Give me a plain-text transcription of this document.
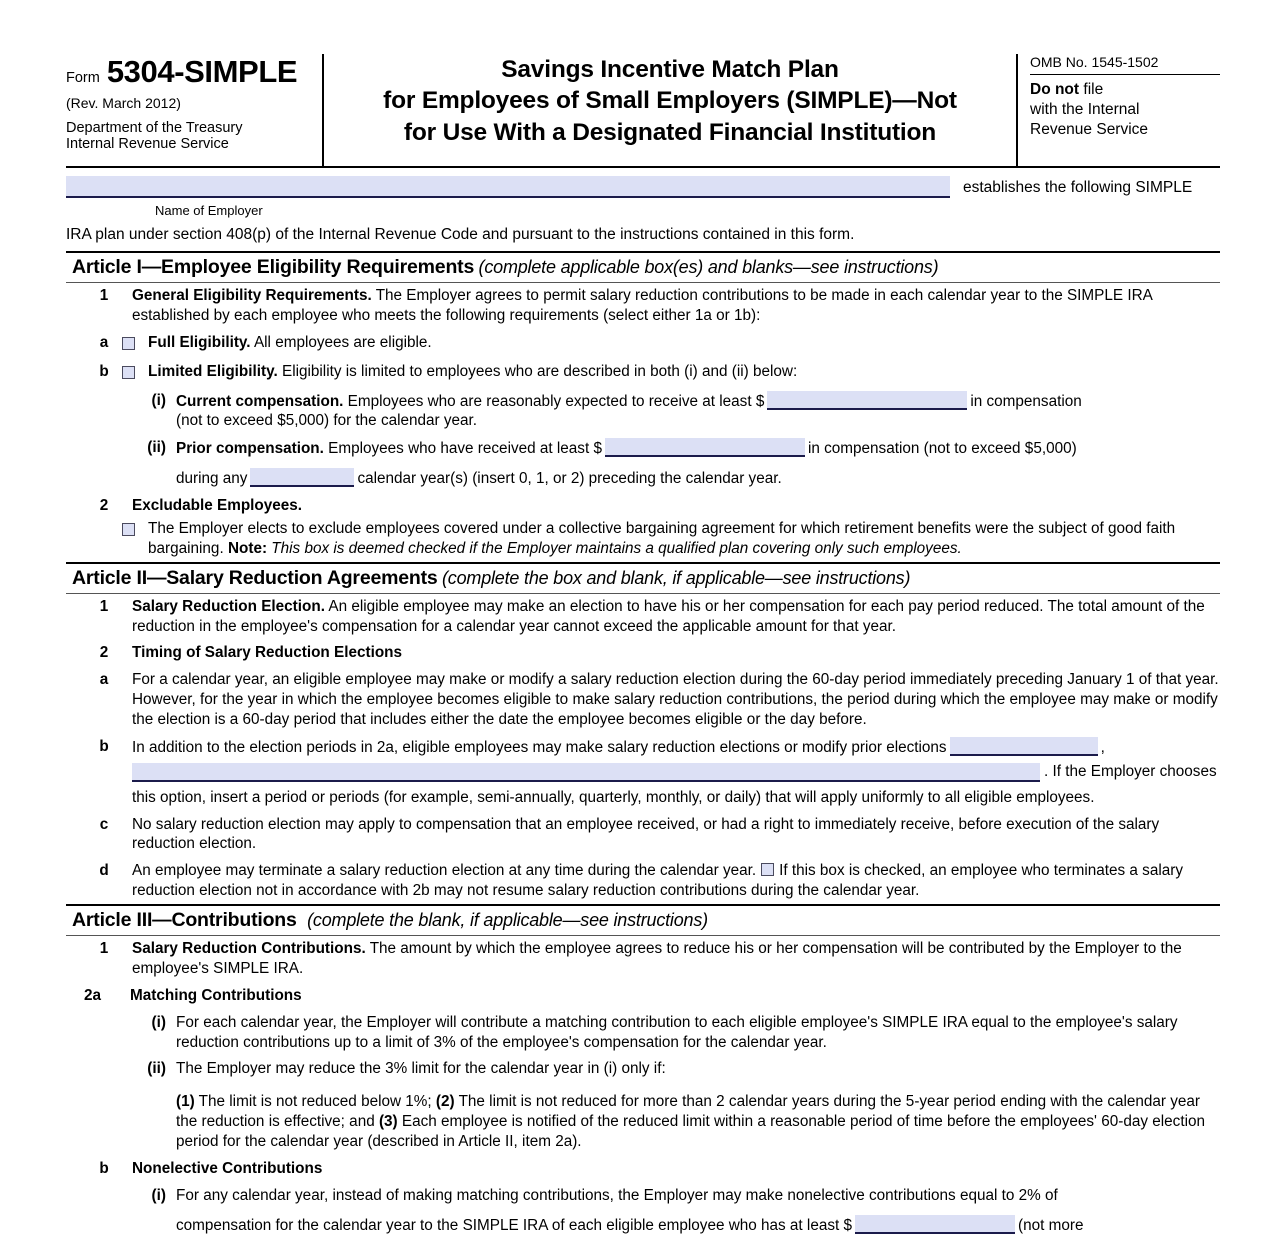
Form 5304-SIMPLE
(Rev. March 2012)
Department of the Treasury
Internal Revenue Service
Savings Incentive Match Plan
for Employees of Small Employers (SIMPLE)—Not
for Use With a Designated Financial Institution
OMB No. 1545-1502
Do not file
with the Internal
Revenue Service
establishes the following SIMPLE
Name of Employer
IRA plan under section 408(p) of the Internal Revenue Code and pursuant to the instructions contained in this form.
Article I—Employee Eligibility Requirements (complete applicable box(es) and blanks—see instructions)
1	General Eligibility Requirements. The Employer agrees to permit salary reduction contributions to be made in each calendar year to the SIMPLE IRA established by each employee who meets the following requirements (select either 1a or 1b):
a	Full Eligibility. All employees are eligible.
b	Limited Eligibility. Eligibility is limited to employees who are described in both (i) and (ii) below:
(i) Current compensation. Employees who are reasonably expected to receive at least $	in compensation
(not to exceed $5,000) for the calendar year.
(ii) Prior compensation. Employees who have received at least $	in compensation (not to exceed $5,000)
during any	calendar year(s) (insert 0, 1, or 2) preceding the calendar year.
2	Excludable Employees.
The Employer elects to exclude employees covered under a collective bargaining agreement for which retirement benefits were the subject of good faith bargaining. Note: This box is deemed checked if the Employer maintains a qualified plan covering only such employees.
Article II—Salary Reduction Agreements (complete the box and blank, if applicable—see instructions)
1	Salary Reduction Election. An eligible employee may make an election to have his or her compensation for each pay period reduced. The total amount of the reduction in the employee's compensation for a calendar year cannot exceed the applicable amount for that year.
2	Timing of Salary Reduction Elections
a	For a calendar year, an eligible employee may make or modify a salary reduction election during the 60-day period immediately preceding January 1 of that year. However, for the year in which the employee becomes eligible to make salary reduction contributions, the period during which the employee may make or modify the election is a 60-day period that includes either the date the employee becomes eligible or the day before.
b	In addition to the election periods in 2a, eligible employees may make salary reduction elections or modify prior elections	,
. If the Employer chooses
this option, insert a period or periods (for example, semi-annually, quarterly, monthly, or daily) that will apply uniformly to all eligible employees.
c	No salary reduction election may apply to compensation that an employee received, or had a right to immediately receive, before execution of the salary reduction election.
d	An employee may terminate a salary reduction election at any time during the calendar year. If this box is checked, an employee who terminates a salary reduction election not in accordance with 2b may not resume salary reduction contributions during the calendar year.
Article III—Contributions (complete the blank, if applicable—see instructions)
1	Salary Reduction Contributions. The amount by which the employee agrees to reduce his or her compensation will be contributed by the Employer to the employee's SIMPLE IRA.
2a	Matching Contributions
(i) For each calendar year, the Employer will contribute a matching contribution to each eligible employee's SIMPLE IRA equal to the employee's salary reduction contributions up to a limit of 3% of the employee's compensation for the calendar year.
(ii) The Employer may reduce the 3% limit for the calendar year in (i) only if:
(1) The limit is not reduced below 1%; (2) The limit is not reduced for more than 2 calendar years during the 5-year period ending with the calendar year the reduction is effective; and (3) Each employee is notified of the reduced limit within a reasonable period of time before the employees' 60-day election period for the calendar year (described in Article II, item 2a).
b	Nonelective Contributions
(i) For any calendar year, instead of making matching contributions, the Employer may make nonelective contributions equal to 2% of
compensation for the calendar year to the SIMPLE IRA of each eligible employee who has at least $	(not more
